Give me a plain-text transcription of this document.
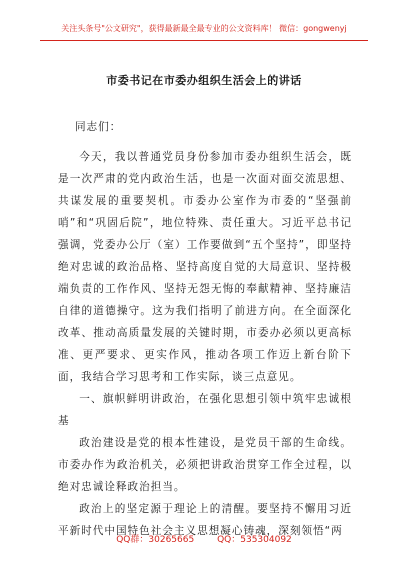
关注头条号"公文研究"，获得最新最全最专业的公文资料库！ 微信：gongwenyj
市委书记在市委办组织生活会上的讲话

同志们：

今天，我以普通党员身份参加市委办组织生活会，既是一次严肃的党内政治生活，也是一次面对面交流思想、共谋发展的重要契机。市委办公室作为市委的“坚强前哨”和“巩固后院”，地位特殊、责任重大。习近平总书记强调，党委办公厅（室）工作要做到“五个坚持”，即坚持绝对忠诚的政治品格、坚持高度自觉的大局意识、坚持极端负责的工作作风、坚持无怨无悔的奉献精神、坚持廉洁自律的道德操守。这为我们指明了前进方向。在全面深化改革、推动高质量发展的关键时期，市委办必须以更高标准、更严要求、更实作风，推动各项工作迈上新台阶下面，我结合学习思考和工作实际，谈三点意见。

一、旗帜鲜明讲政治，在强化思想引领中筑牢忠诚根基

政治建设是党的根本性建设，是党员干部的生命线。市委办作为政治机关，必须把讲政治贯穿工作全过程，以绝对忠诚诠释政治担当。

政治上的坚定源于理论上的清醒。要坚持不懈用习近平新时代中国特色社会主义思想凝心铸魂，深刻领悟“两

QQ群：30265665	QQ：535304092
